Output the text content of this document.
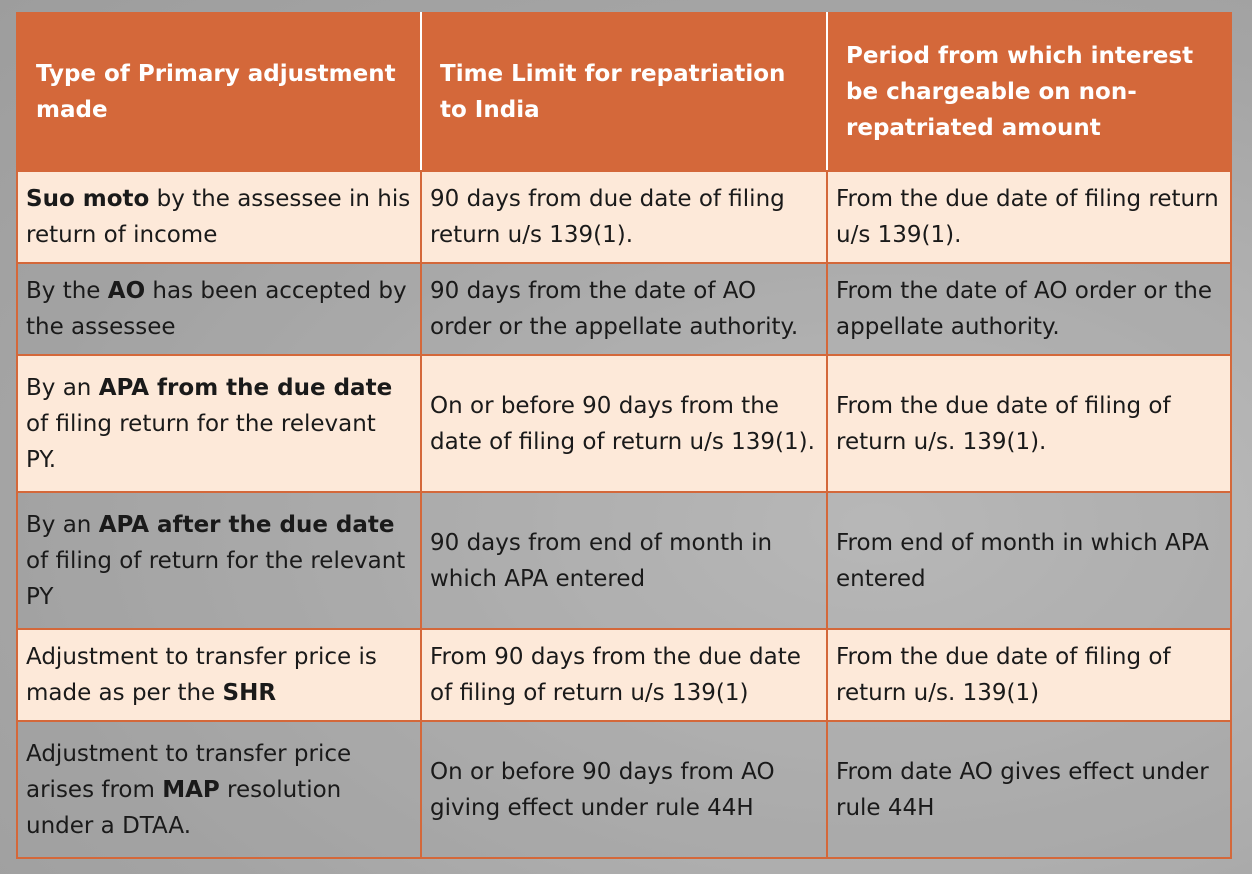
Type of Primary adjustment made	Time Limit for repatriation to India	Period from which interest be chargeable on non-repatriated amount
Suo moto by the assessee in his return of income	90 days from due date of filing return u/s 139(1).	From the due date of filing return u/s 139(1).
By the AO has been accepted by the assessee	90 days from the date of AO order or the appellate authority.	From the date of AO order or the appellate authority.
By an APA from the due date of filing return for the relevant PY.	On or before 90 days from the date of filing of return u/s 139(1).	From the due date of filing of return u/s. 139(1).
By an APA after the due date of filing of return for the relevant PY	90 days from end of month in which APA entered	From end of month in which APA entered
Adjustment to transfer price is made as per the SHR	From 90 days from the due date of filing of return u/s 139(1)	From the due date of filing of return u/s. 139(1)
Adjustment to transfer price arises from MAP resolution under a DTAA.	On or before 90 days from AO giving effect under rule 44H	From date AO gives effect under rule 44H
